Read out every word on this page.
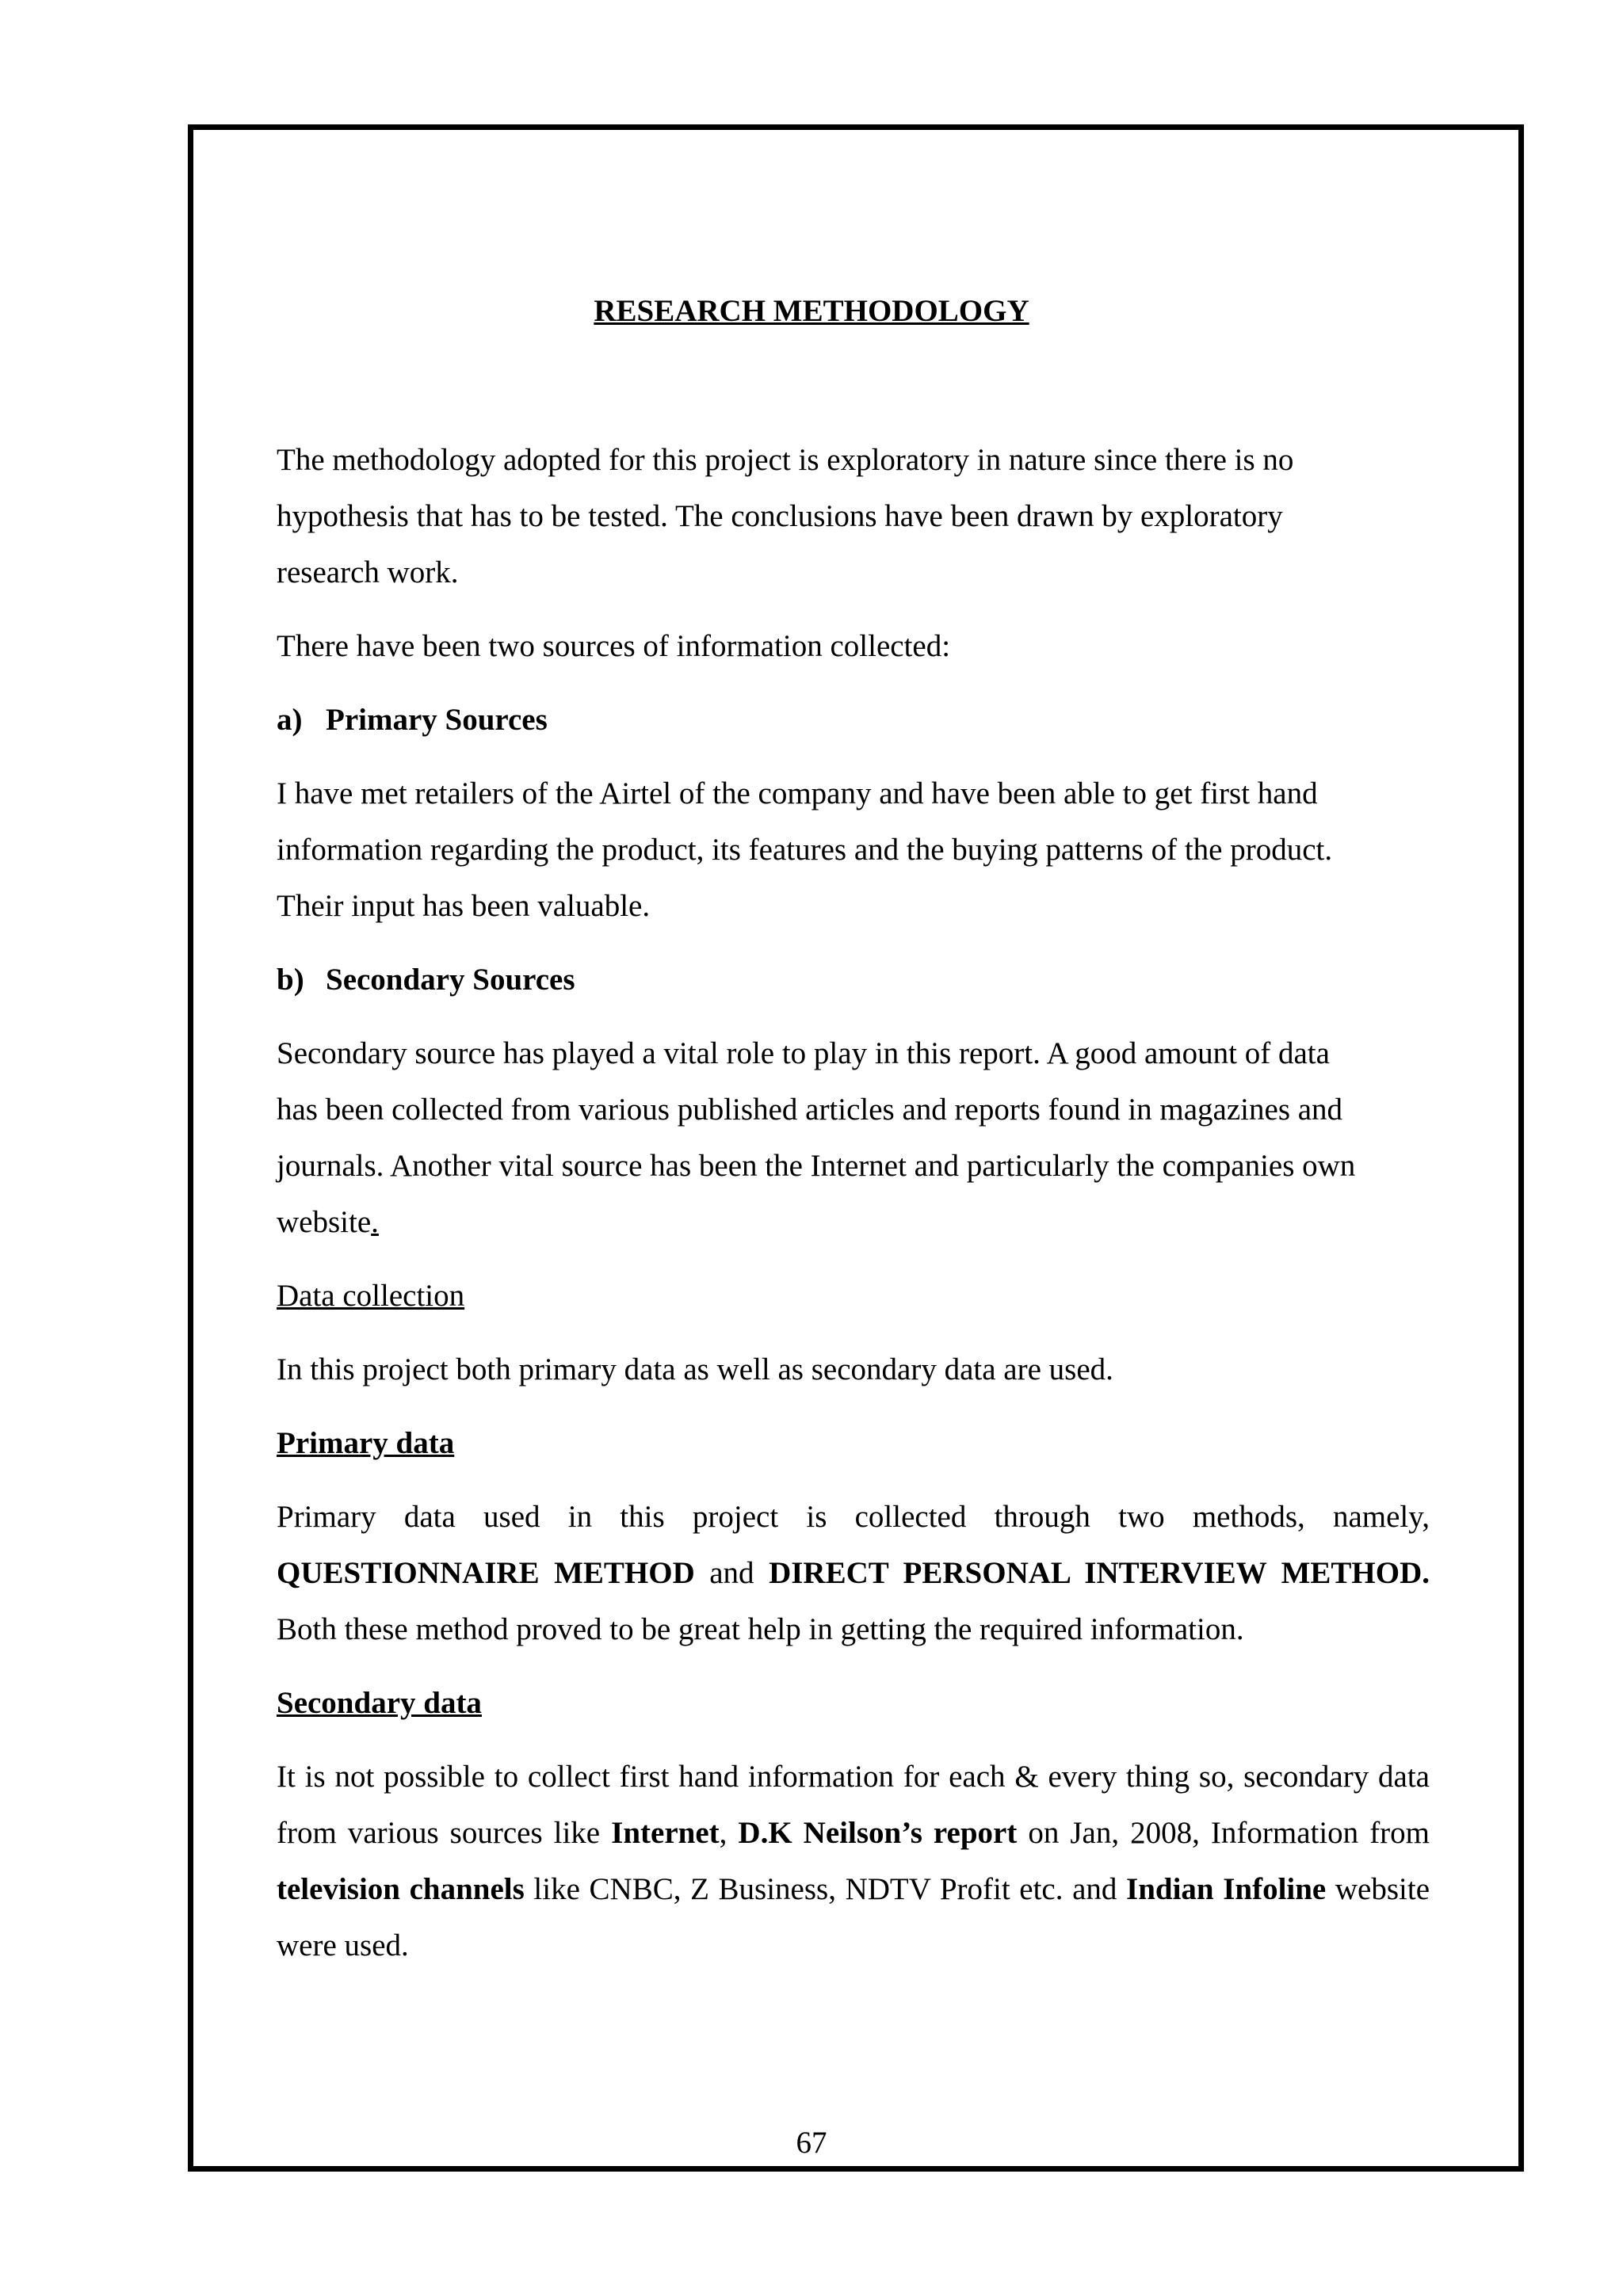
RESEARCH METHODOLOGY

The methodology adopted for this project is exploratory in nature since there is no
hypothesis that has to be tested. The conclusions have been drawn by exploratory
research work.

There have been two sources of information collected:

a) Primary Sources

I have met retailers of the Airtel of the company and have been able to get first hand
information regarding the product, its features and the buying patterns of the product.
Their input has been valuable.

b) Secondary Sources

Secondary source has played a vital role to play in this report. A good amount of data
has been collected from various published articles and reports found in magazines and
journals. Another vital source has been the Internet and particularly the companies own
website.

Data collection

In this project both primary data as well as secondary data are used.

Primary data

Primary data used in this project is collected through two methods, namely, QUESTIONNAIRE METHOD and DIRECT PERSONAL INTERVIEW METHOD. Both these method proved to be great help in getting the required information.

Secondary data

It is not possible to collect first hand information for each & every thing so, secondary data from various sources like Internet, D.K Neilson’s report on Jan, 2008, Information from television channels like CNBC, Z Business, NDTV Profit etc. and Indian Infoline website were used.

67
